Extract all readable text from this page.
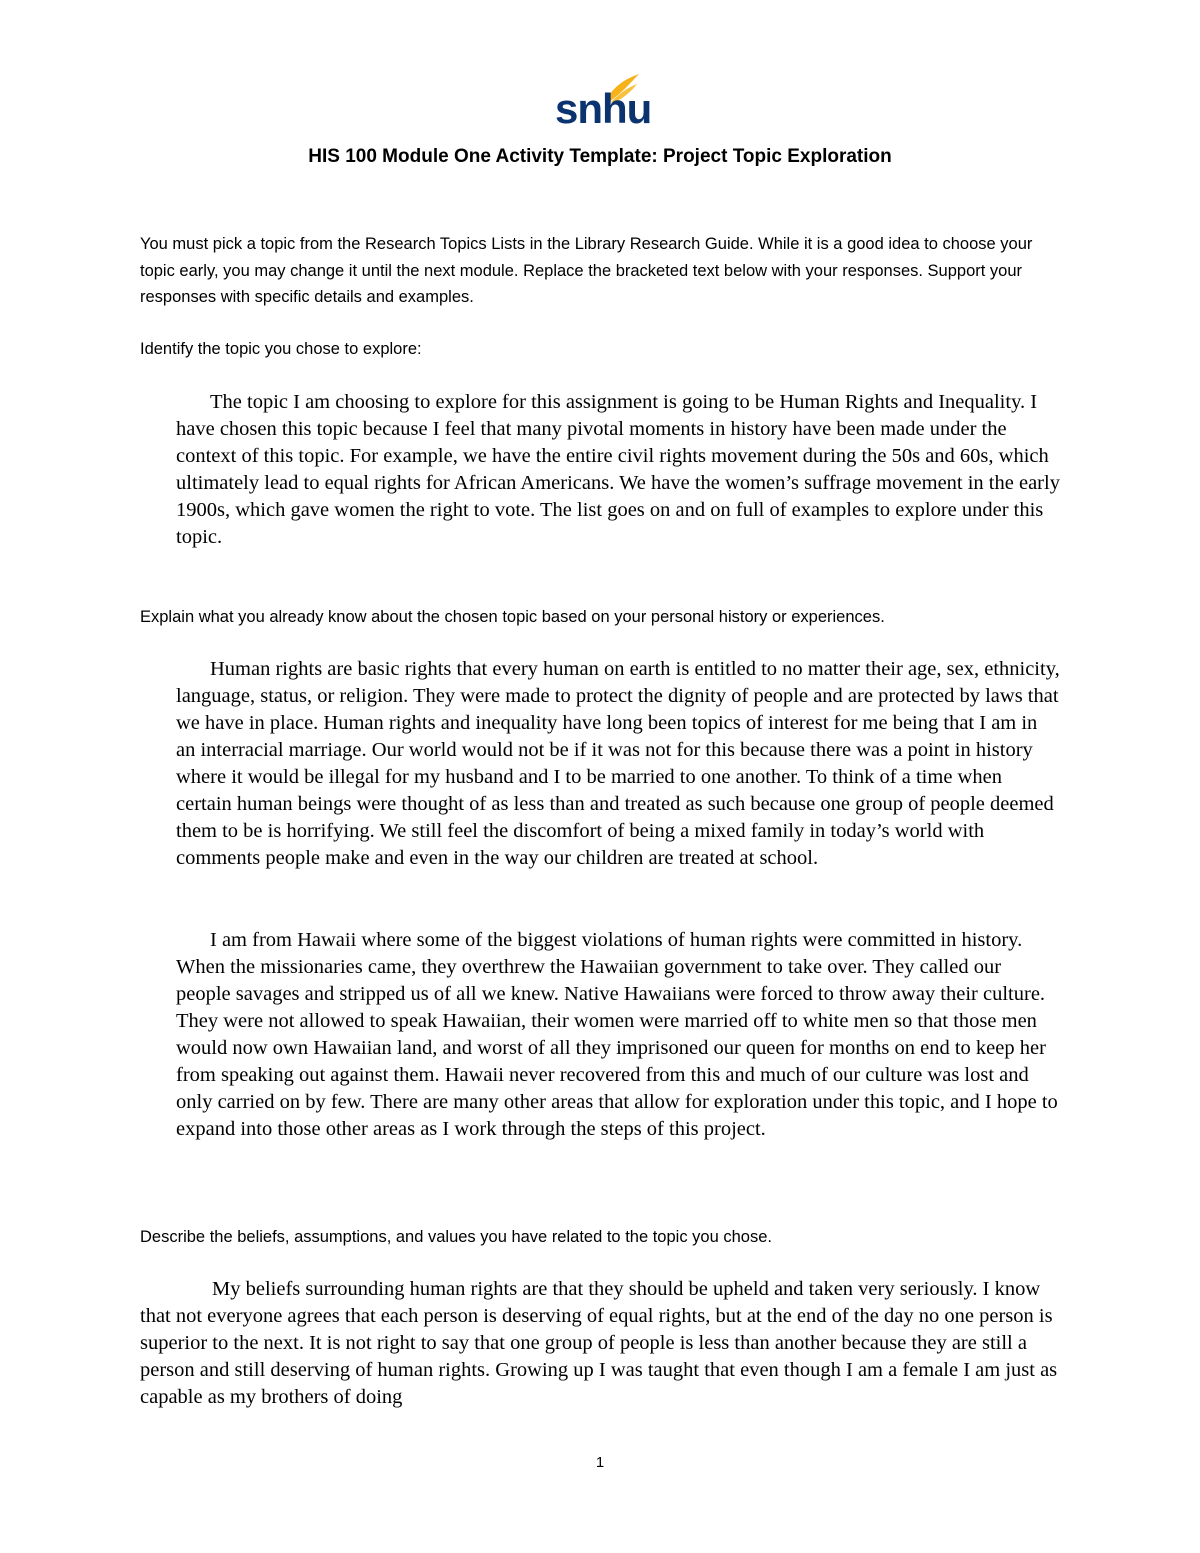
snhu
HIS 100 Module One Activity Template: Project Topic Exploration
You must pick a topic from the Research Topics Lists in the Library Research Guide. While it is a good idea to choose your topic early, you may change it until the next module. Replace the bracketed text below with your responses. Support your responses with specific details and examples.
Identify the topic you chose to explore:
The topic I am choosing to explore for this assignment is going to be Human Rights and Inequality. I have chosen this topic because I feel that many pivotal moments in history have been made under the context of this topic. For example, we have the entire civil rights movement during the 50s and 60s, which ultimately lead to equal rights for African Americans. We have the women’s suffrage movement in the early 1900s, which gave women the right to vote. The list goes on and on full of examples to explore under this topic.
Explain what you already know about the chosen topic based on your personal history or experiences.
Human rights are basic rights that every human on earth is entitled to no matter their age, sex, ethnicity, language, status, or religion. They were made to protect the dignity of people and are protected by laws that we have in place. Human rights and inequality have long been topics of interest for me being that I am in an interracial marriage. Our world would not be if it was not for this because there was a point in history where it would be illegal for my husband and I to be married to one another. To think of a time when certain human beings were thought of as less than and treated as such because one group of people deemed them to be is horrifying. We still feel the discomfort of being a mixed family in today’s world with comments people make and even in the way our children are treated at school.
I am from Hawaii where some of the biggest violations of human rights were committed in history. When the missionaries came, they overthrew the Hawaiian government to take over. They called our people savages and stripped us of all we knew. Native Hawaiians were forced to throw away their culture. They were not allowed to speak Hawaiian, their women were married off to white men so that those men would now own Hawaiian land, and worst of all they imprisoned our queen for months on end to keep her from speaking out against them. Hawaii never recovered from this and much of our culture was lost and only carried on by few. There are many other areas that allow for exploration under this topic, and I hope to expand into those other areas as I work through the steps of this project.
Describe the beliefs, assumptions, and values you have related to the topic you chose.
My beliefs surrounding human rights are that they should be upheld and taken very seriously. I know that not everyone agrees that each person is deserving of equal rights, but at the end of the day no one person is superior to the next. It is not right to say that one group of people is less than another because they are still a person and still deserving of human rights. Growing up I was taught that even though I am a female I am just as capable as my brothers of doing
1
